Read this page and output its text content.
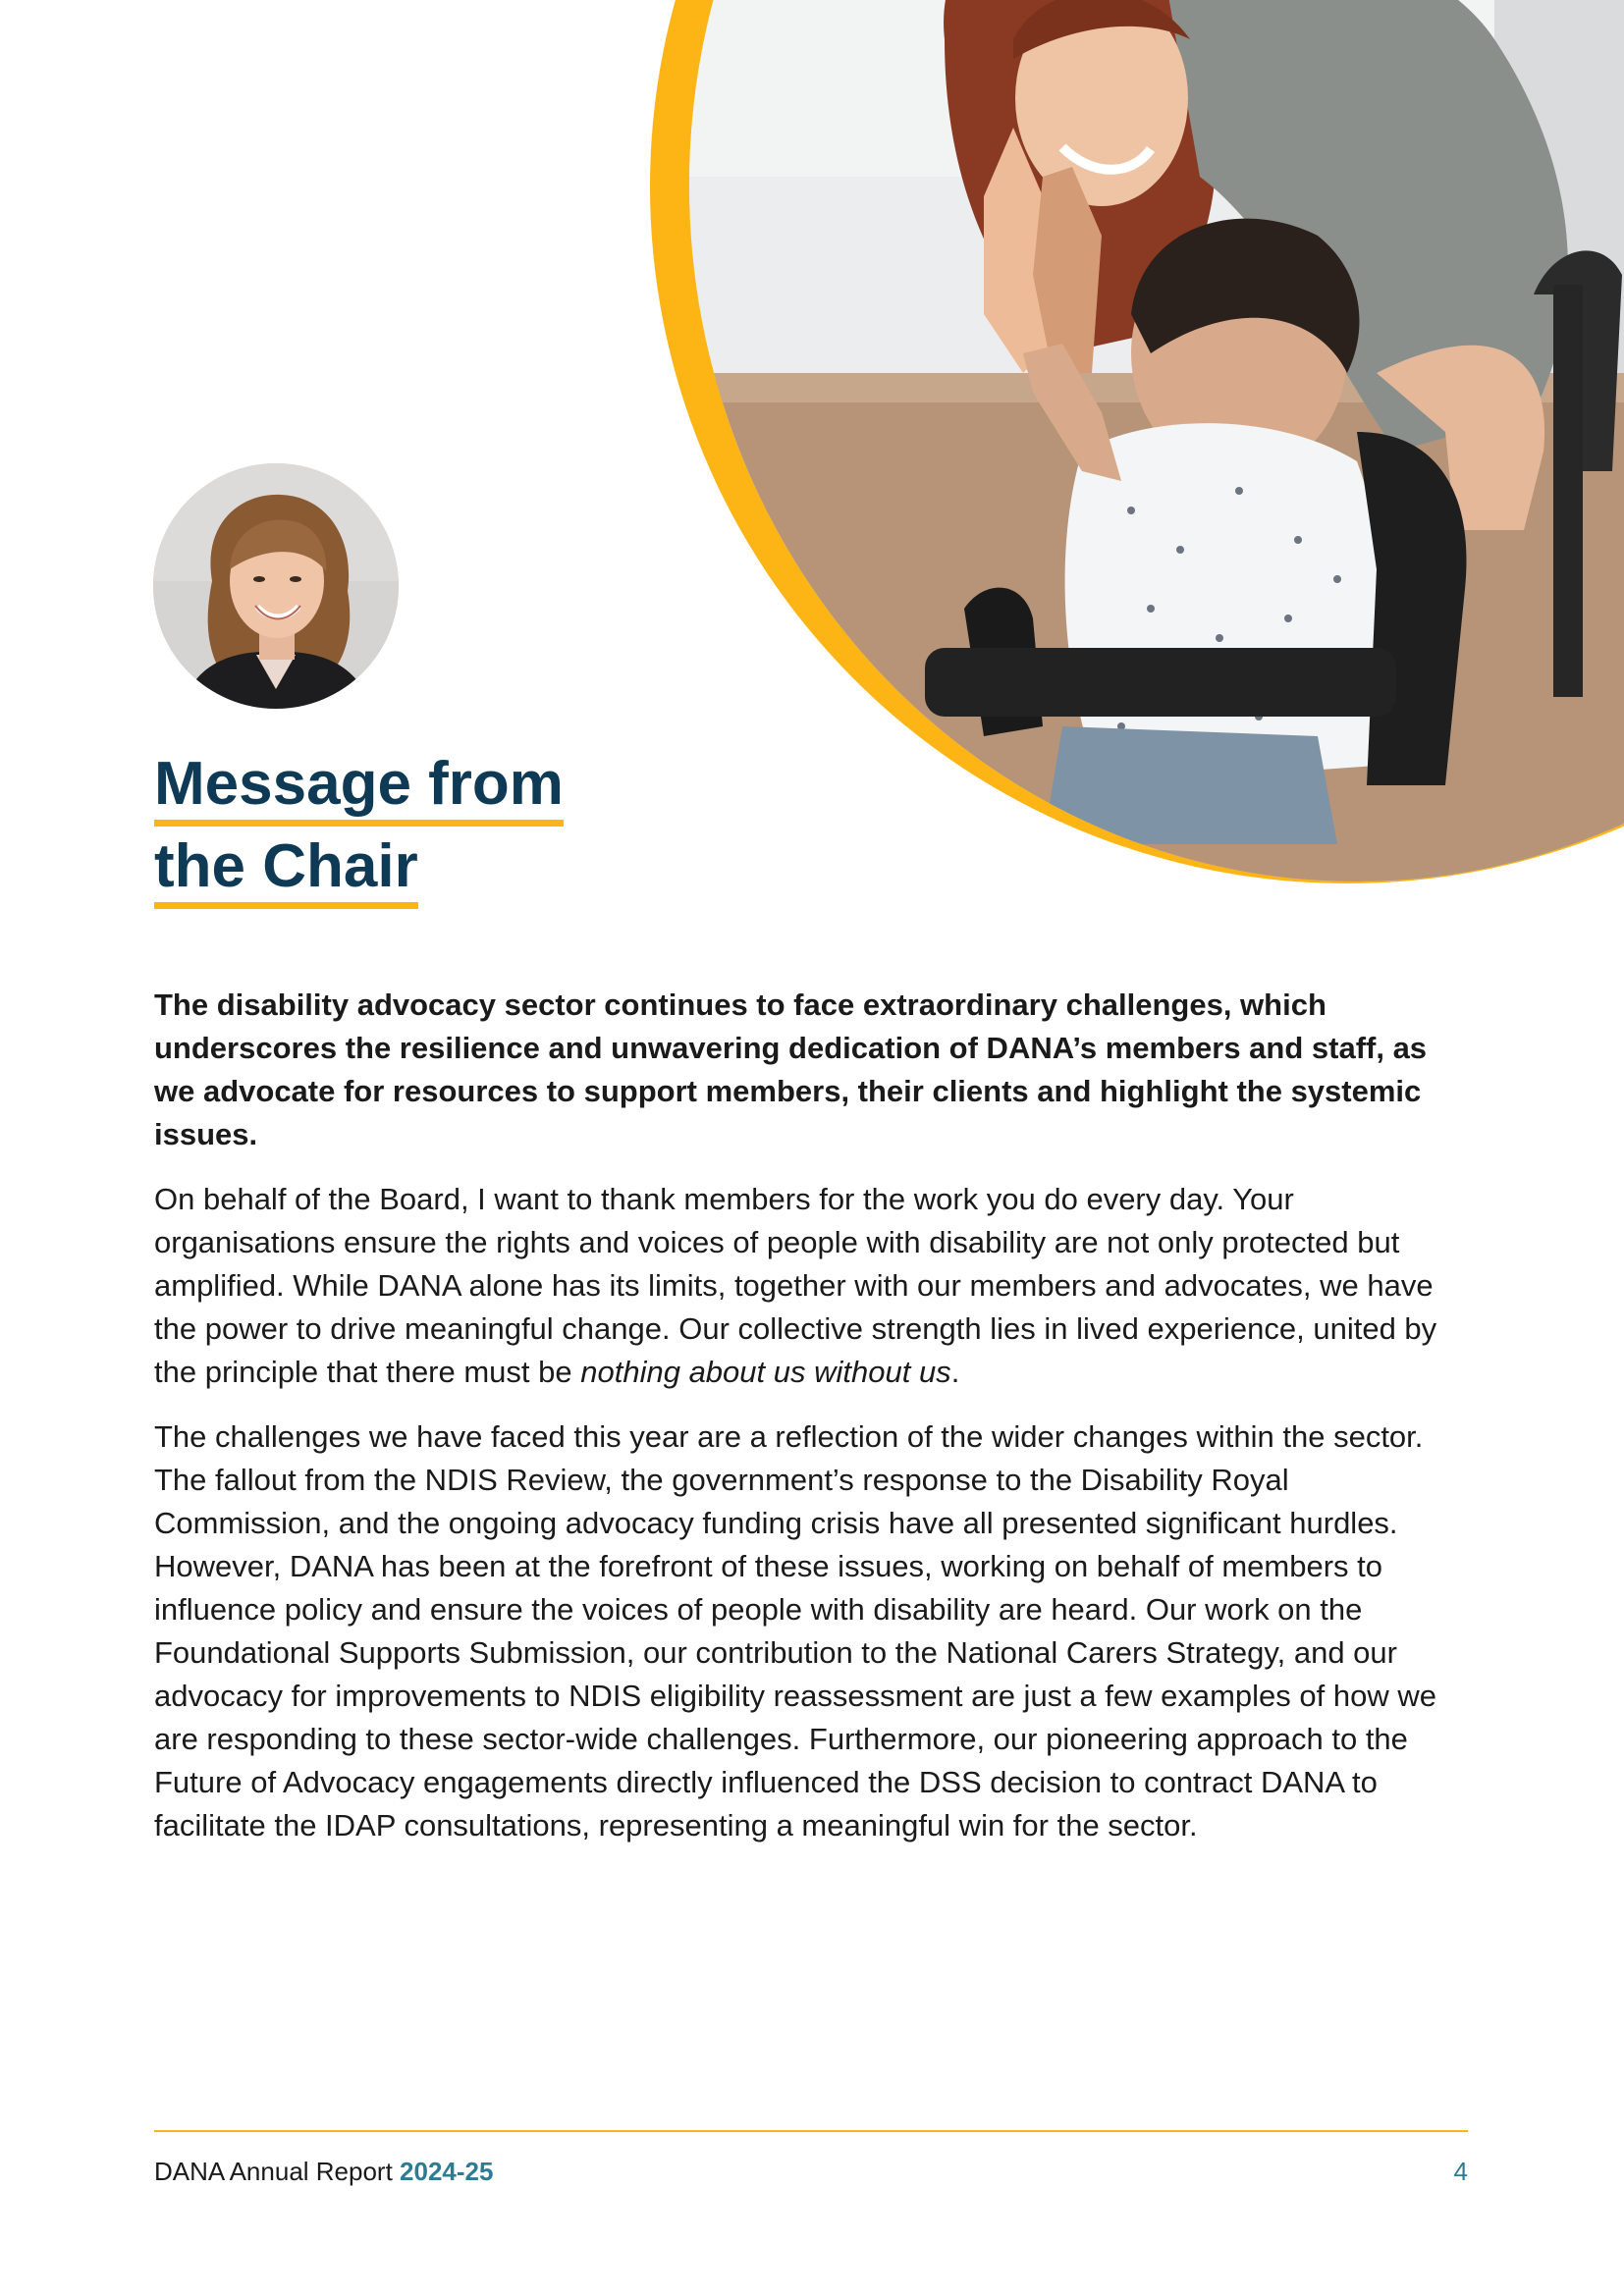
Message from
the Chair

The disability advocacy sector continues to face extraordinary challenges, which underscores the resilience and unwavering dedication of DANA’s members and staff, as we advocate for resources to support members, their clients and highlight the systemic issues.

On behalf of the Board, I want to thank members for the work you do every day. Your organisations ensure the rights and voices of people with disability are not only protected but amplified. While DANA alone has its limits, together with our members and advocates, we have the power to drive meaningful change. Our collective strength lies in lived experience, united by the principle that there must be nothing about us without us.

The challenges we have faced this year are a reflection of the wider changes within the sector. The fallout from the NDIS Review, the government’s response to the Disability Royal Commission, and the ongoing advocacy funding crisis have all presented significant hurdles. However, DANA has been at the forefront of these issues, working on behalf of members to influence policy and ensure the voices of people with disability are heard. Our work on the Foundational Supports Submission, our contribution to the National Carers Strategy, and our advocacy for improvements to NDIS eligibility reassessment are just a few examples of how we are responding to these sector-wide challenges. Furthermore, our pioneering approach to the Future of Advocacy engagements directly influenced the DSS decision to contract DANA to facilitate the IDAP consultations, representing a meaningful win for the sector.

DANA Annual Report 2024-25	4
